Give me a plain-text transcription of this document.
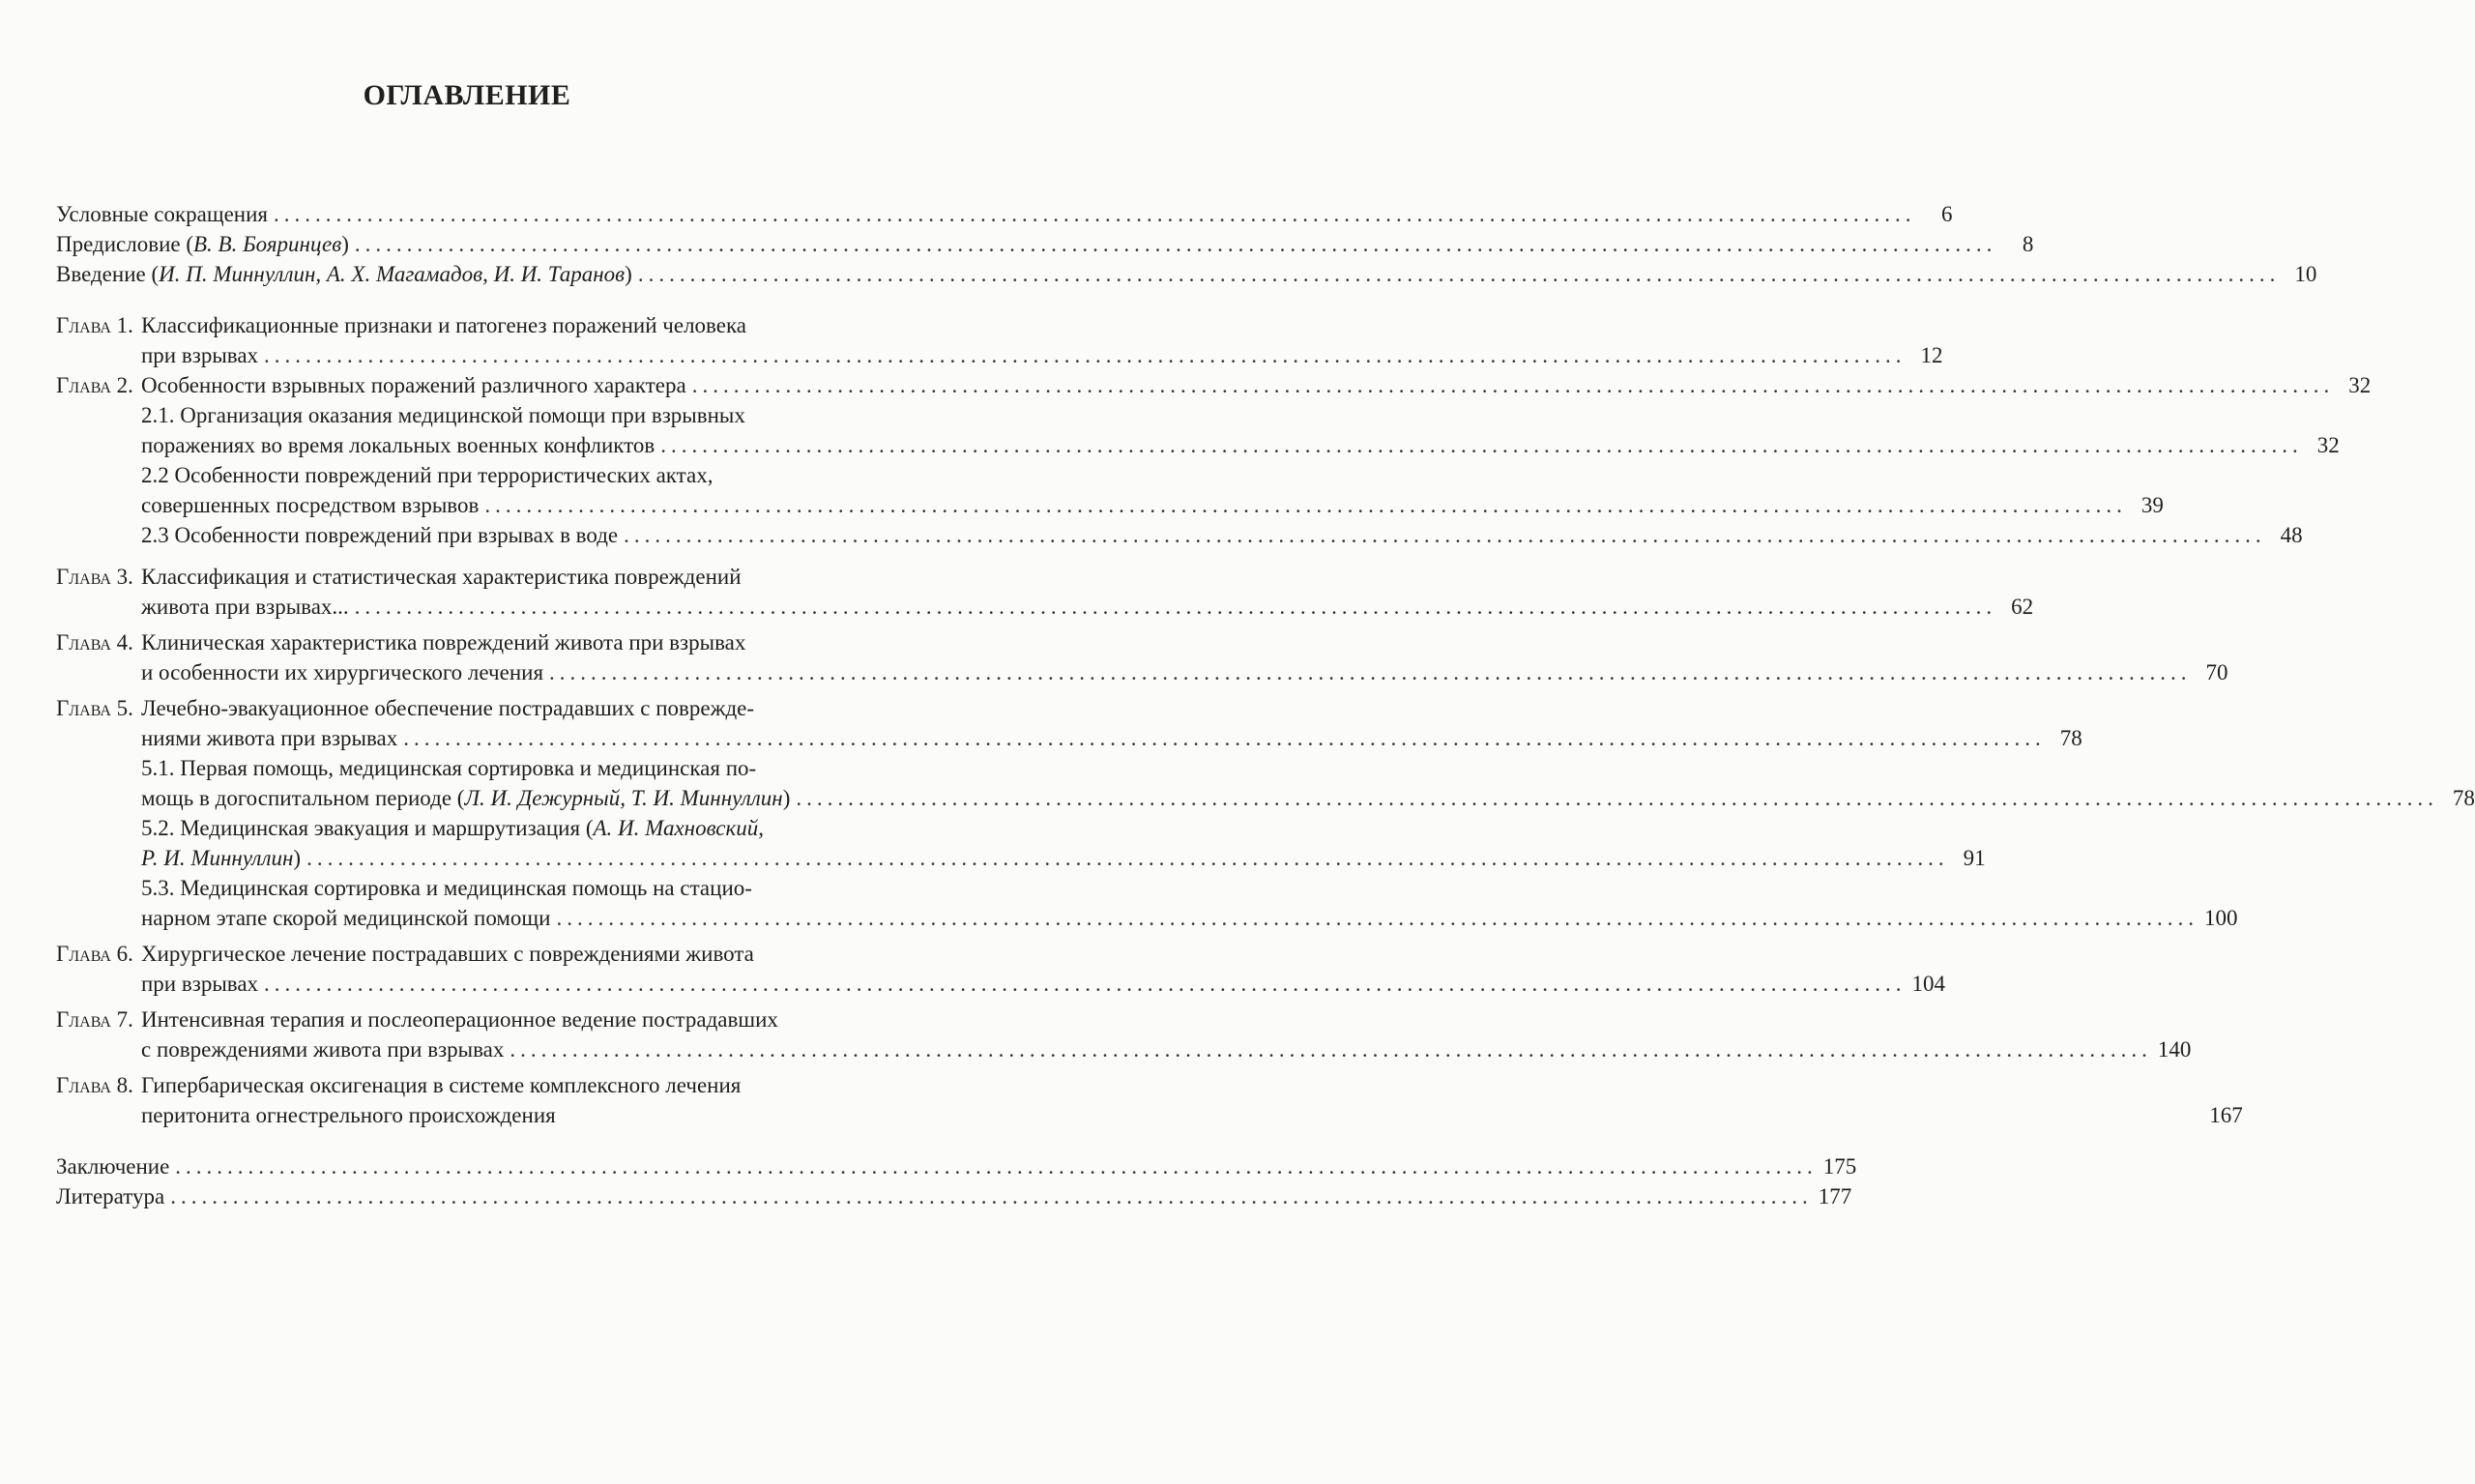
ОГЛАВЛЕНИЕ
Условные сокращения ..............................................................................................................................................................	6
Предисловие (В. В. Бояринцев) ..............................................................................................................................................................	8
Введение (И. П. Миннуллин, А. Х. Магамадов, И. И. Таранов) .............................................................................................................................................................. 10
Глава 1. Классификационные признаки и патогенез поражений человека
при взрывах .............................................................................................................................................................. 12
Глава 2. Особенности взрывных поражений различного характера .............................................................................................................................................................. 32
2.1. Организация оказания медицинской помощи при взрывных
поражениях во время локальных военных конфликтов .............................................................................................................................................................. 32
2.2 Особенности повреждений при террористических актах,
совершенных посредством взрывов .............................................................................................................................................................. 39
2.3 Особенности повреждений при взрывах в воде .............................................................................................................................................................. 48
Глава 3. Классификация и статистическая характеристика повреждений
живота при взрывах... .............................................................................................................................................................. 62
Глава 4. Клиническая характеристика повреждений живота при взрывах
и особенности их хирургического лечения .............................................................................................................................................................. 70
Глава 5. Лечебно-эвакуационное обеспечение пострадавших с поврежде-
ниями живота при взрывах .............................................................................................................................................................. 78
5.1. Первая помощь, медицинская сортировка и медицинская по-
мощь в догоспитальном периоде (Л. И. Дежурный, Т. И. Миннуллин) .............................................................................................................................................................. 78
5.2. Медицинская эвакуация и маршрутизация (А. И. Махновский,
Р. И. Миннуллин) .............................................................................................................................................................. 91
5.3. Медицинская сортировка и медицинская помощь на стацио-
нарном этапе скорой медицинской помощи .............................................................................................................................................................. 100
Глава 6. Хирургическое лечение пострадавших с повреждениями живота
при взрывах .............................................................................................................................................................. 104
Глава 7. Интенсивная терапия и послеоперационное ведение пострадавших
с повреждениями живота при взрывах .............................................................................................................................................................. 140
Глава 8. Гипербарическая оксигенация в системе комплексного лечения
перитонита огнестрельного происхождения	167
Заключение .............................................................................................................................................................. 175
Литература .............................................................................................................................................................. 177
